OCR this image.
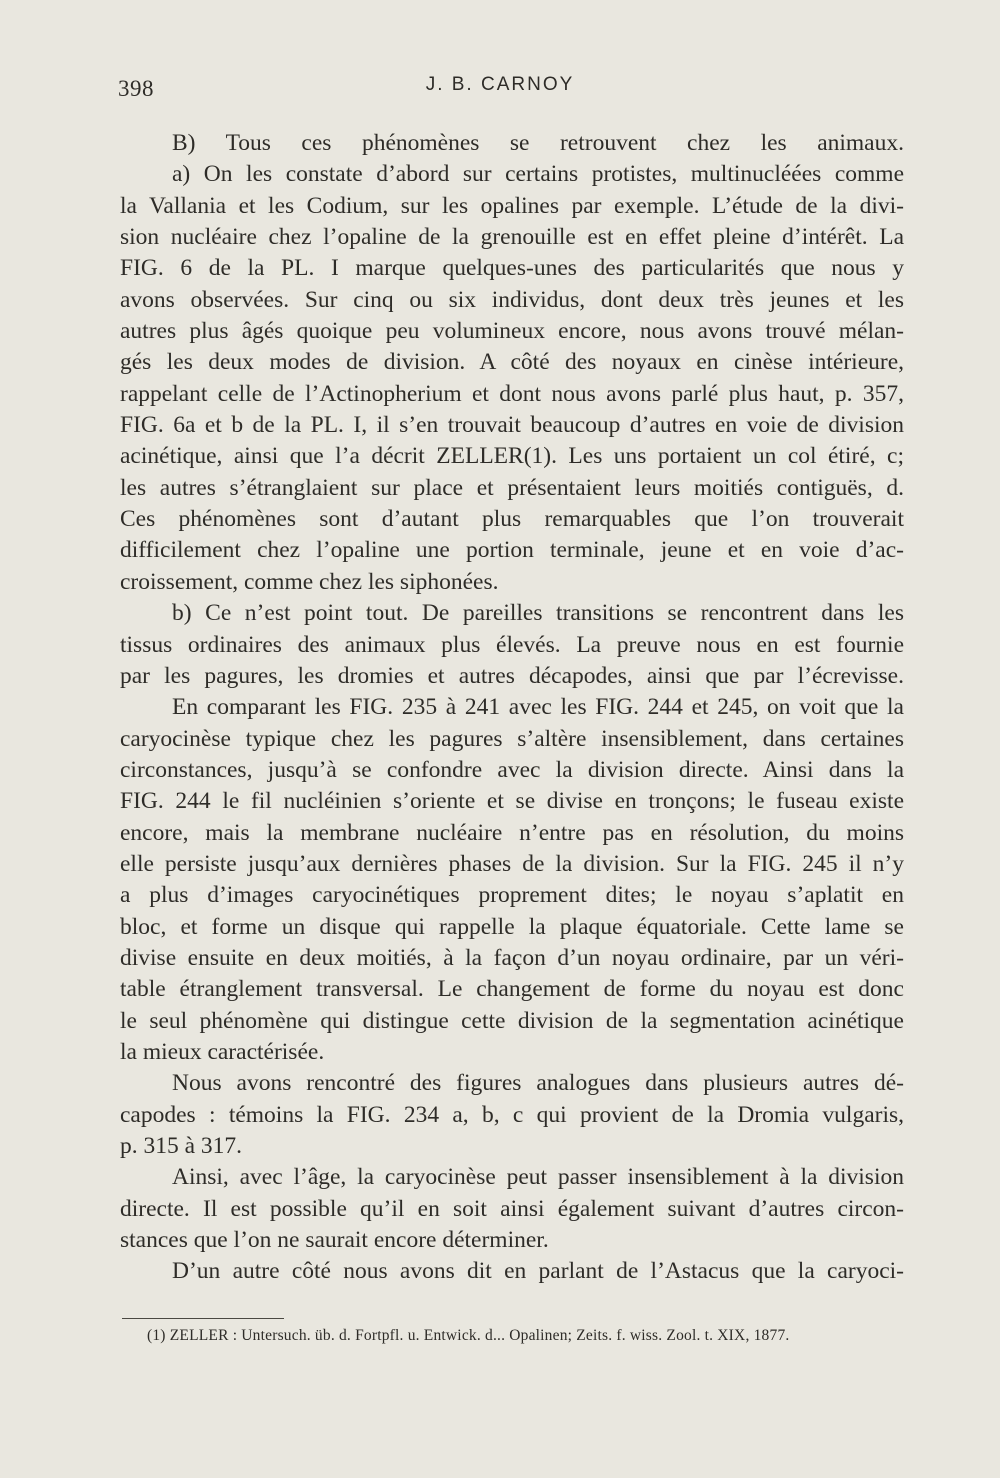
398	J. B. CARNOY
B) Tous ces phénomènes se retrouvent chez les animaux.
a) On les constate d’abord sur certains protistes, multinucléées comme
la Vallania et les Codium, sur les opalines par exemple. L’étude de la divi-
sion nucléaire chez l’opaline de la grenouille est en effet pleine d’intérêt. La
FIG. 6 de la PL. I marque quelques-unes des particularités que nous y
avons observées. Sur cinq ou six individus, dont deux très jeunes et les
autres plus âgés quoique peu volumineux encore, nous avons trouvé mélan-
gés les deux modes de division. A côté des noyaux en cinèse intérieure,
rappelant celle de l’Actinopherium et dont nous avons parlé plus haut, p. 357,
FIG. 6a et b de la PL. I, il s’en trouvait beaucoup d’autres en voie de division
acinétique, ainsi que l’a décrit ZELLER(1). Les uns portaient un col étiré, c;
les autres s’étranglaient sur place et présentaient leurs moitiés contiguës, d.
Ces phénomènes sont d’autant plus remarquables que l’on trouverait
difficilement chez l’opaline une portion terminale, jeune et en voie d’ac-
croissement, comme chez les siphonées.
b) Ce n’est point tout. De pareilles transitions se rencontrent dans les
tissus ordinaires des animaux plus élevés. La preuve nous en est fournie
par les pagures, les dromies et autres décapodes, ainsi que par l’écrevisse.
En comparant les FIG. 235 à 241 avec les FIG. 244 et 245, on voit que la
caryocinèse typique chez les pagures s’altère insensiblement, dans certaines
circonstances, jusqu’à se confondre avec la division directe. Ainsi dans la
FIG. 244 le fil nucléinien s’oriente et se divise en tronçons; le fuseau existe
encore, mais la membrane nucléaire n’entre pas en résolution, du moins
elle persiste jusqu’aux dernières phases de la division. Sur la FIG. 245 il n’y
a plus d’images caryocinétiques proprement dites; le noyau s’aplatit en
bloc, et forme un disque qui rappelle la plaque équatoriale. Cette lame se
divise ensuite en deux moitiés, à la façon d’un noyau ordinaire, par un véri-
table étranglement transversal. Le changement de forme du noyau est donc
le seul phénomène qui distingue cette division de la segmentation acinétique
la mieux caractérisée.
Nous avons rencontré des figures analogues dans plusieurs autres dé-
capodes : témoins la FIG. 234 a, b, c qui provient de la Dromia vulgaris,
p. 315 à 317.
Ainsi, avec l’âge, la caryocinèse peut passer insensiblement à la division
directe. Il est possible qu’il en soit ainsi également suivant d’autres circon-
stances que l’on ne saurait encore déterminer.
D’un autre côté nous avons dit en parlant de l’Astacus que la caryoci-
(1) ZELLER : Untersuch. üb. d. Fortpfl. u. Entwick. d... Opalinen; Zeits. f. wiss. Zool. t. XIX, 1877.
